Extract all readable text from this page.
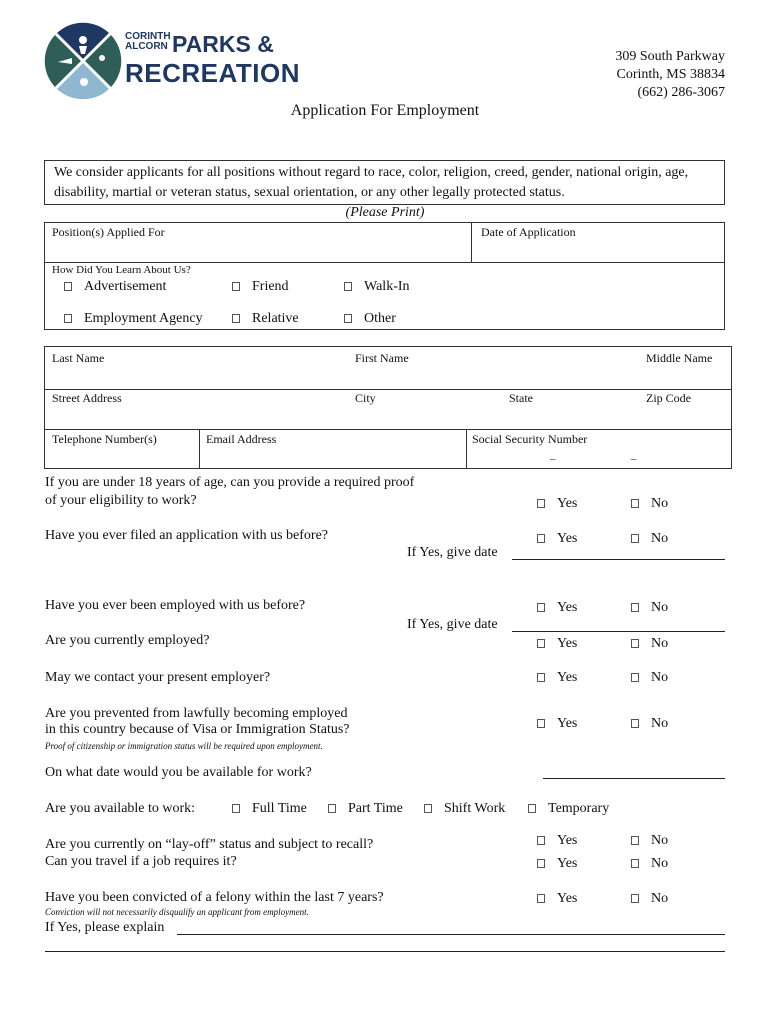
CORINTH
ALCORN PARKS &
RECREATION
309 South Parkway
Corinth, MS 38834
(662) 286-3067
Application For Employment
We consider applicants for all positions without regard to race, color, religion, creed, gender, national origin, age, disability, martial or veteran status, sexual orientation, or any other legally protected status.
(Please Print)
Position(s) Applied For	Date of Application
How Did You Learn About Us?
Advertisement	Friend	Walk-In
Employment Agency	Relative	Other
Last Name	First Name	Middle Name
Street Address	City	State	Zip Code
Telephone Number(s)	Email Address	Social Security Number
_	_
If you are under 18 years of age, can you provide a required proof of your eligibility to work?	Yes	No
Have you ever filed an application with us before?	Yes	No
If Yes, give date
Have you ever been employed with us before?	Yes	No
If Yes, give date
Are you currently employed?	Yes	No
May we contact your present employer?	Yes	No
Are you prevented from lawfully becoming employed
in this country because of Visa or Immigration Status?	Yes	No
Proof of citizenship or immigration status will be required upon employment.
On what date would you be available for work?
Are you available to work:	Full Time	Part Time	Shift Work	Temporary
Are you currently on “lay-off” status and subject to recall?	Yes	No
Can you travel if a job requires it?	Yes	No
Have you been convicted of a felony within the last 7 years?	Yes	No
Conviction will not necessarily disqualify an applicant from employment.
If Yes, please explain
